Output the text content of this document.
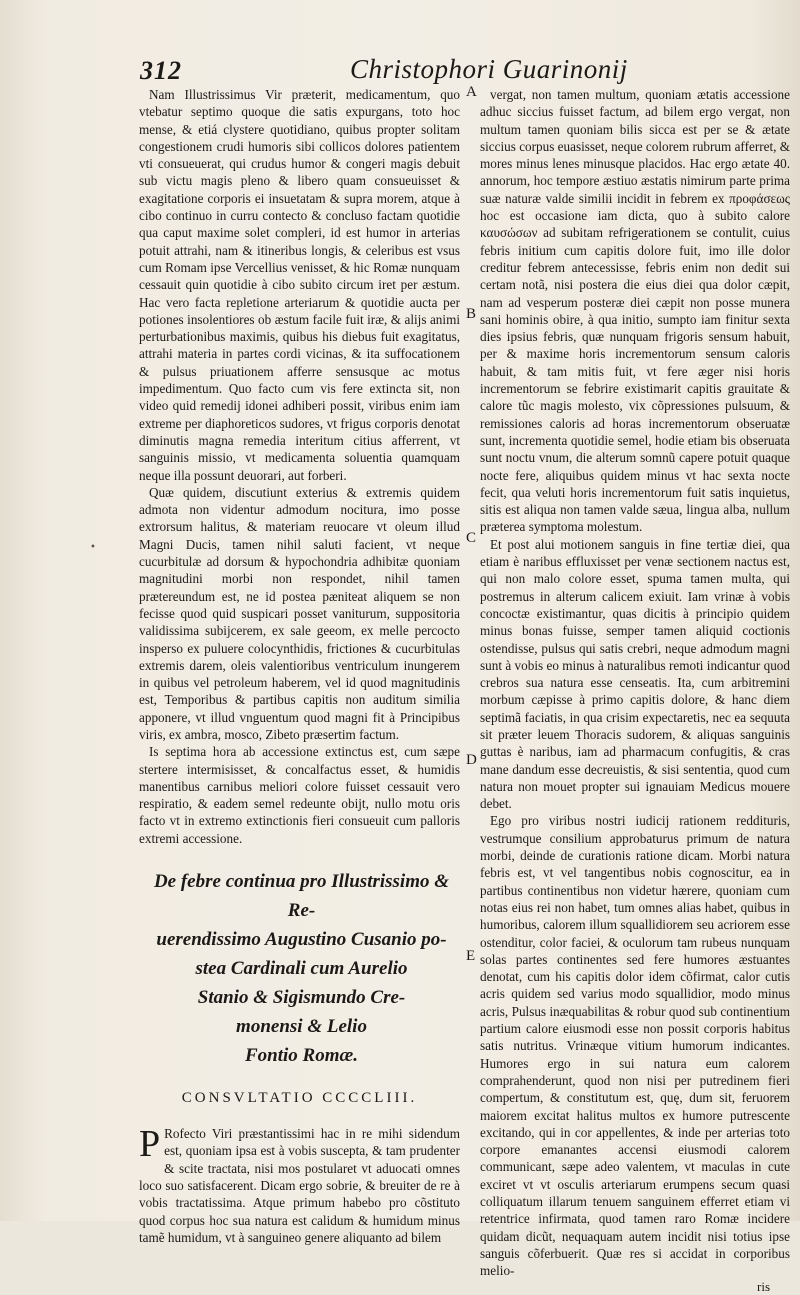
312	Christophori Guarinonij

Nam Illustrissimus Vir præterit, medicamentum, quo vtebatur septimo quoque die satis expurgans, toto hoc mense, & etiá clystere quotidiano, quibus propter solitam congestionem crudi humoris sibi collicos dolores patientem vti consueuerat, qui crudus humor & congeri magis debuit sub victu magis pleno & libero quam consueuisset & exagitatione corporis ei insuetatam & supra morem, atque à cibo continuo in curru contecto & concluso factam quotidie qua caput maxime solet compleri, id est humor in arterias potuit attrahi, nam & itineribus longis, & celeribus est vsus cum Romam ipse Vercellius venisset, & hic Romæ nunquam cessauit quin quotidie à cibo subito circum iret per æstum. Hac vero facta repletione arteriarum & quotidie aucta per potiones insolentiores ob æstum facile fuit iræ, & alijs animi perturbationibus maximis, quibus his diebus fuit exagitatus, attrahi materia in partes cordi vicinas, & ita suffocationem & pulsus priuationem afferre sensusque ac motus impedimentum. Quo facto cum vis fere extincta sit, non video quid remedij idonei adhiberi possit, viribus enim iam extreme per diaphoreticos sudores, vt frigus corporis denotat diminutis magna remedia interitum citius afferrent, vt sanguinis missio, vt medicamenta soluentia quamquam neque illa possunt deuorari, aut forberi.

Quæ quidem, discutiunt exterius & extremis quidem admota non videntur admodum nocitura, imo posse extrorsum halitus, & materiam reuocare vt oleum illud Magni Ducis, tamen nihil saluti facient, vt neque cucurbitulæ ad dorsum & hypochondria adhibitæ quoniam magnitudini morbi non respondet, nihil tamen prætereundum est, ne id postea pæniteat aliquem se non fecisse quod quid suspicari posset vaniturum, suppositoria validissima subijcerem, ex sale geeom, ex melle percocto insperso ex puluere colocynthidis, frictiones & cucurbitulas extremis darem, oleis valentioribus ventriculum inungerem in quibus vel petroleum haberem, vel id quod magnitudinis est, Temporibus & partibus capitis non auditum similia apponere, vt illud vnguentum quod magni fit à Principibus viris, ex ambra, mosco, Zibeto præsertim factum.

Is septima hora ab accessione extinctus est, cum sæpe stertere intermisisset, & concalfactus esset, & humidis manentibus carnibus meliori colore fuisset cessauit vero respiratio, & eadem semel redeunte obijt, nullo motu oris facto vt in extremo extinctionis fieri consueuit cum palloris extremi accessione.

De febre continua pro Illustrissimo & Re-
uerendissimo Augustino Cusanio po-
stea Cardinali cum Aurelio
Stanio & Sigismundo Cre-
monensi & Lelio
Fontio Romæ.
CONSVLTATIO CCCCLIII.
P Rofecto Viri præstantissimi hac in re mihi sidendum est, quoniam ipsa est à vobis suscepta, & tam prudenter & scite tractata, nisi mos postularet vt aduocati omnes loco suo satisfacerent. Dicam ergo sobrie, & breuiter de re à vobis tractatissima. Atque primum habebo pro cõstituto quod corpus hoc sua natura est calidum & humidum minus tamẽ humidum, vt à sanguineo genere aliquanto ad bilem

A
B
C
D
E
•

vergat, non tamen multum, quoniam ætatis accessione adhuc siccius fuisset factum, ad bilem ergo vergat, non multum tamen quoniam bilis sicca est per se & ætate siccius corpus euasisset, neque colorem rubrum afferret, & mores minus lenes minusque placidos. Hac ergo ætate 40. annorum, hoc tempore æstiuo æstatis nimirum parte prima suæ naturæ valde similii incidit in febrem ex προφάσεως hoc est occasione iam dicta, quo à subito calore καυσώσων ad subitam refrigerationem se contulit, cuius febris initium cum capitis dolore fuit, imo ille dolor creditur febrem antecessisse, febris enim non dedit sui certam notã, nisi postera die eius diei qua dolor cæpit, nam ad vesperum posteræ diei cæpit non posse munera sani hominis obire, à qua initio, sumpto iam finitur sexta dies ipsius febris, quæ nunquam frigoris sensum habuit, per & maxime horis incrementorum sensum caloris habuit, & tam mitis fuit, vt fere æger nisi horis incrementorum se febrire existimarit capitis grauitate & calore tũc magis molesto, vix cõpressiones pulsuum, & remissiones caloris ad horas incrementorum obseruatæ sunt, incrementa quotidie semel, hodie etiam bis obseruata sunt noctu vnum, die alterum somnũ capere potuit quaque nocte fere, aliquibus quidem minus vt hac sexta nocte fecit, qua veluti horis incrementorum fuit satis inquietus, sitis est aliqua non tamen valde sæua, lingua alba, nullum præterea symptoma molestum.

Et post alui motionem sanguis in fine tertiæ diei, qua etiam è naribus effluxisset per venæ sectionem nactus est, qui non malo colore esset, spuma tamen multa, qui postremus in alterum calicem exiuit. Iam vrinæ à vobis concoctæ existimantur, quas dicitis à principio quidem minus bonas fuisse, semper tamen aliquid coctionis ostendisse, pulsus qui satis crebri, neque admodum magni sunt à vobis eo minus à naturalibus remoti indicantur quod crebros sua natura esse censeatis. Ita, cum arbitremini morbum cæpisse à primo capitis dolore, & hanc diem septimã faciatis, in qua crisim expectaretis, nec ea sequuta sit præter leuem Thoracis sudorem, & aliquas sanguinis guttas è naribus, iam ad pharmacum confugitis, & cras mane dandum esse decreuistis, & sisi sententia, quod cum natura non mouet propter sui ignauiam Medicus mouere debet.

Ego pro viribus nostri iudicij rationem reddituris, vestrumque consilium approbaturus primum de natura morbi, deinde de curationis ratione dicam. Morbi natura febris est, vt vel tangentibus nobis cognoscitur, ea in partibus continentibus non videtur hærere, quoniam cum notas eius rei non habet, tum omnes alias habet, quibus in humoribus, calorem illum squallidiorem seu acriorem esse ostenditur, color faciei, & oculorum tam rubeus nunquam solas partes continentes sed fere humores æstuantes denotat, cum his capitis dolor idem cõfirmat, calor cutis acris quidem sed varius modo squallidior, modo minus acris, Pulsus inæquabilitas & robur quod sub continentium partium calore eiusmodi esse non possit corporis habitus satis nutritus. Vrinæque vitium humorum indicantes. Humores ergo in sui natura eum calorem comprahenderunt, quod non nisi per putredinem fieri compertum, & constitutum est, quę, dum sit, feruorem maiorem excitat halitus multos ex humore putrescente excitando, qui in cor appellentes, & inde per arterias toto corpore emanantes accensi eiusmodi calorem communicant, sæpe adeo valentem, vt maculas in cute exciret vt vt osculis arteriarum erumpens secum quasi colliquatum illarum tenuem sanguinem efferret etiam vi retentrice infirmata, quod tamen raro Romæ incidere quidam dicũt, nequaquam autem incidit nisi totius ipse sanguis cõferbuerit. Quæ res si accidat in corporibus melio-

ris
